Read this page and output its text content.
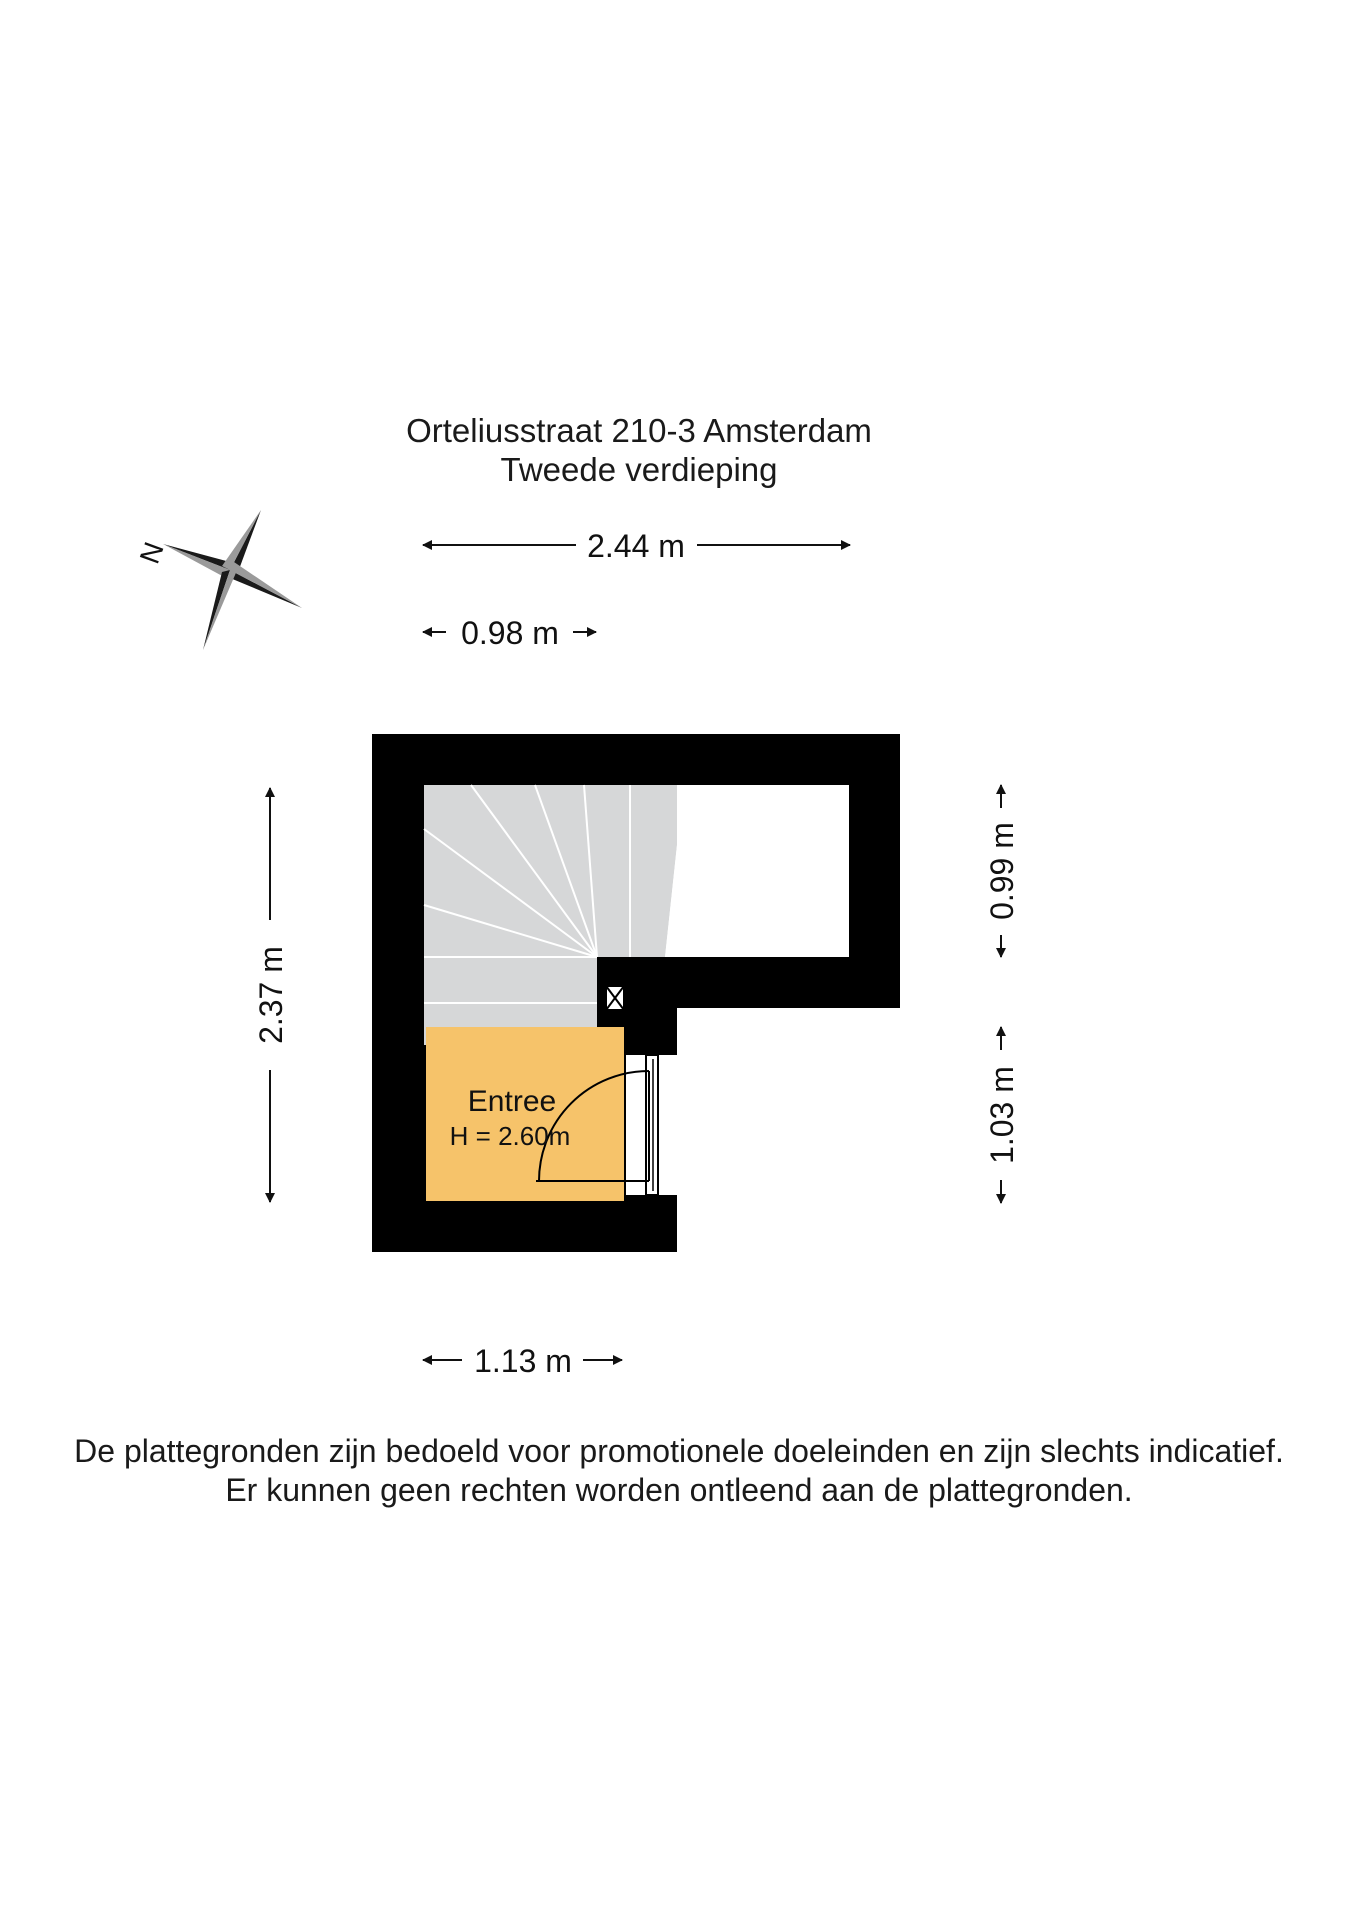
Orteliusstraat 210-3 Amsterdam
Tweede verdieping
N
Entree
H = 2.60m
2.44 m
0.98 m
2.37 m
0.99 m
1.03 m
1.13 m
De plattegronden zijn bedoeld voor promotionele doeleinden en zijn slechts indicatief.
Er kunnen geen rechten worden ontleend aan de plattegronden.
